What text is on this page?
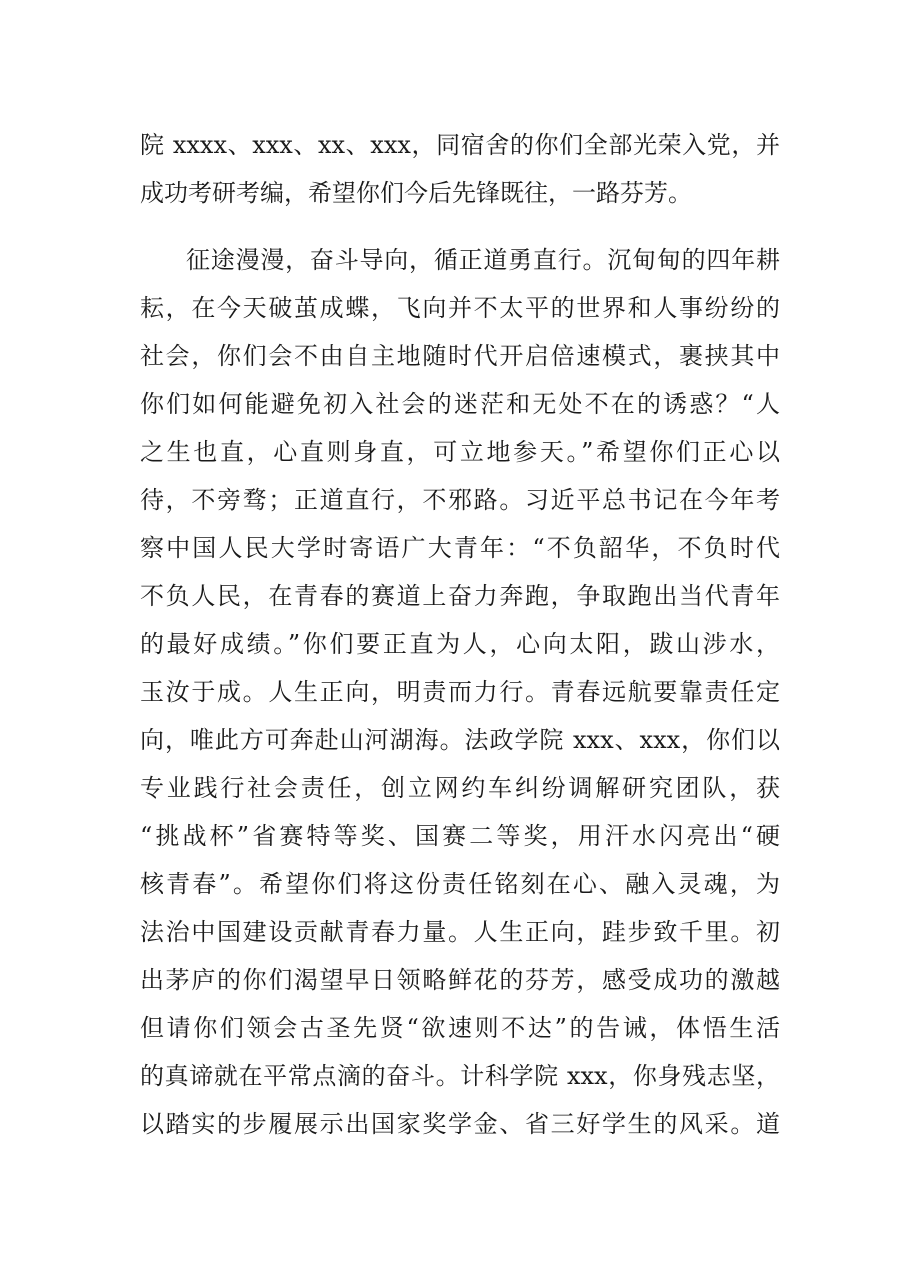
院 xxxx、xxx、xx、xxx，同宿舍的你们全部光荣入党，并
成功考研考编，希望你们今后先锋既往，一路芬芳。
征途漫漫，奋斗导向，循正道勇直行。沉甸甸的四年耕
耘，在今天破茧成蝶，飞向并不太平的世界和人事纷纷的
社会，你们会不由自主地随时代开启倍速模式，裹挟其中
你们如何能避免初入社会的迷茫和无处不在的诱惑？“人
之生也直，心直则身直，可立地参天。”希望你们正心以
待，不旁骛；正道直行，不邪路。习近平总书记在今年考
察中国人民大学时寄语广大青年：“不负韶华，不负时代
不负人民，在青春的赛道上奋力奔跑，争取跑出当代青年
的最好成绩。”你们要正直为人，心向太阳，跋山涉水，
玉汝于成。人生正向，明责而力行。青春远航要靠责任定
向，唯此方可奔赴山河湖海。法政学院 xxx、xxx，你们以
专业践行社会责任，创立网约车纠纷调解研究团队，获
“挑战杯”省赛特等奖、国赛二等奖，用汗水闪亮出“硬
核青春”。希望你们将这份责任铭刻在心、融入灵魂，为
法治中国建设贡献青春力量。人生正向，跬步致千里。初
出茅庐的你们渴望早日领略鲜花的芬芳，感受成功的激越
但请你们领会古圣先贤“欲速则不达”的告诫，体悟生活
的真谛就在平常点滴的奋斗。计科学院 xxx，你身残志坚，
以踏实的步履展示出国家奖学金、省三好学生的风采。道
